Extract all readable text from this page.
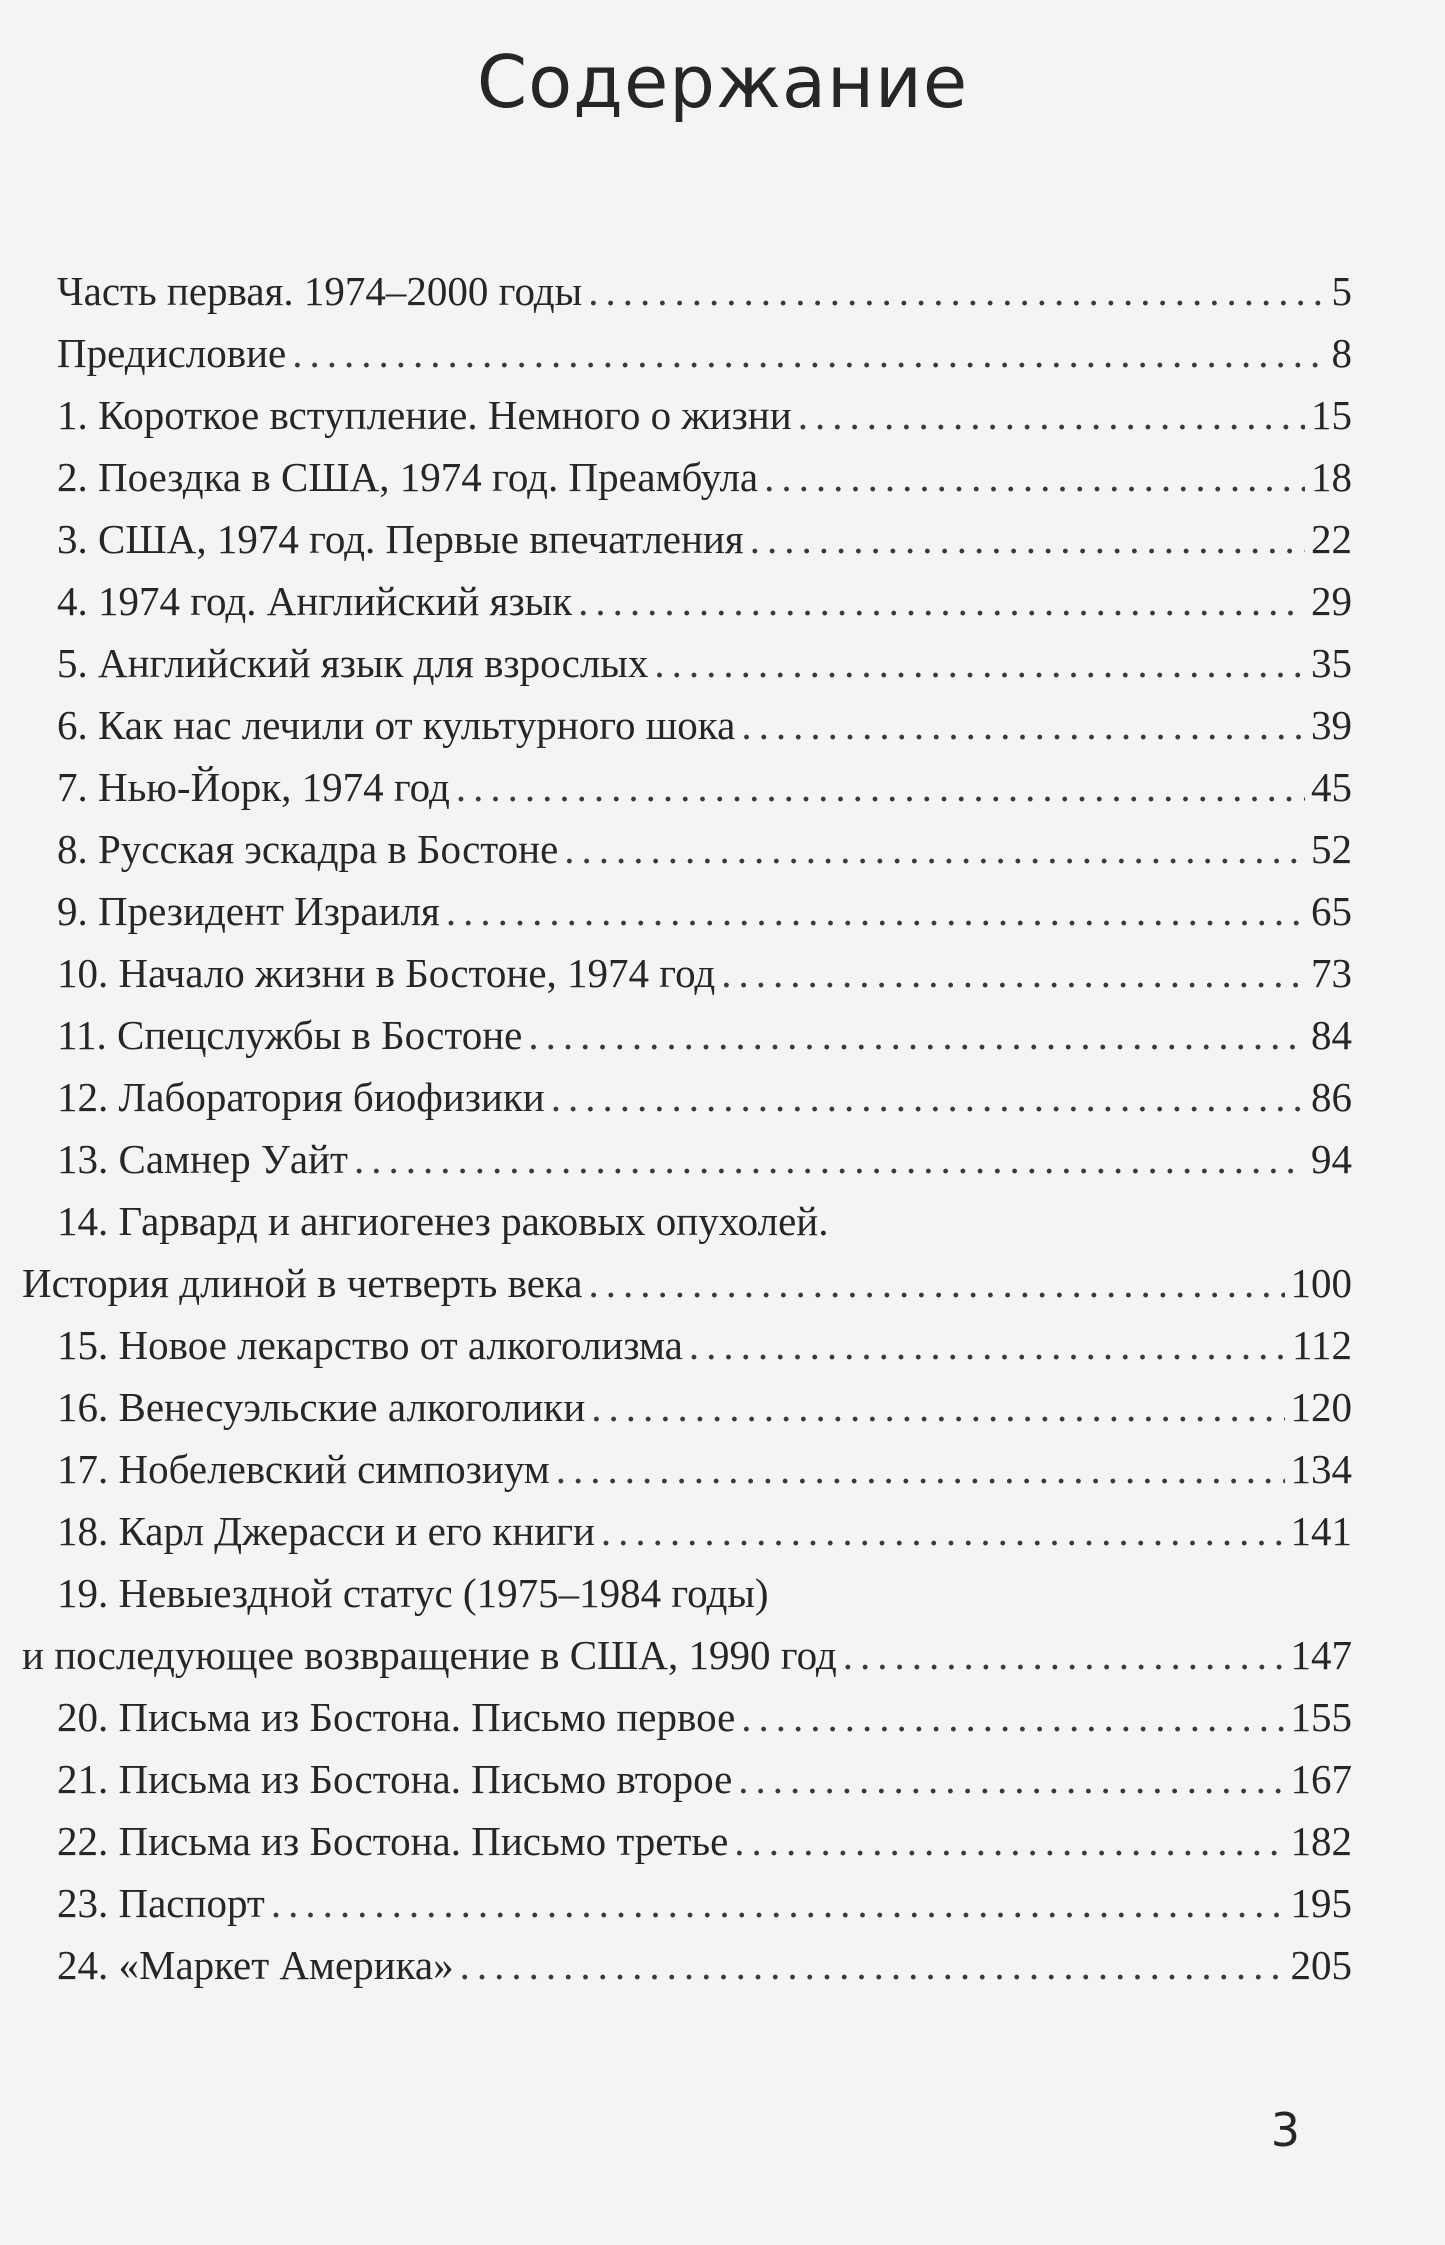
Содержание
Часть первая. 1974–2000 годы .....	5
Предисловие .....	8
1. Короткое вступление. Немного о жизни .....	15
2. Поездка в США, 1974 год. Преамбула .....	18
3. США, 1974 год. Первые впечатления .....	22
4. 1974 год. Английский язык .....	29
5. Английский язык для взрослых .....	35
6. Как нас лечили от культурного шока .....	39
7. Нью-Йорк, 1974 год .....	45
8. Русская эскадра в Бостоне .....	52
9. Президент Израиля .....	65
10. Начало жизни в Бостоне, 1974 год .....	73
11. Спецслужбы в Бостоне .....	84
12. Лаборатория биофизики .....	86
13. Самнер Уайт .....	94
14. Гарвард и ангиогенез раковых опухолей.
История длиной в четверть века .....	100
15. Новое лекарство от алкоголизма .....	112
16. Венесуэльские алкоголики .....	120
17. Нобелевский симпозиум .....	134
18. Карл Джерасси и его книги .....	141
19. Невыездной статус (1975–1984 годы)
и последующее возвращение в США, 1990 год .....	147
20. Письма из Бостона. Письмо первое .....	155
21. Письма из Бостона. Письмо второе .....	167
22. Письма из Бостона. Письмо третье .....	182
23. Паспорт .....	195
24. «Маркет Америка» .....	205
3
